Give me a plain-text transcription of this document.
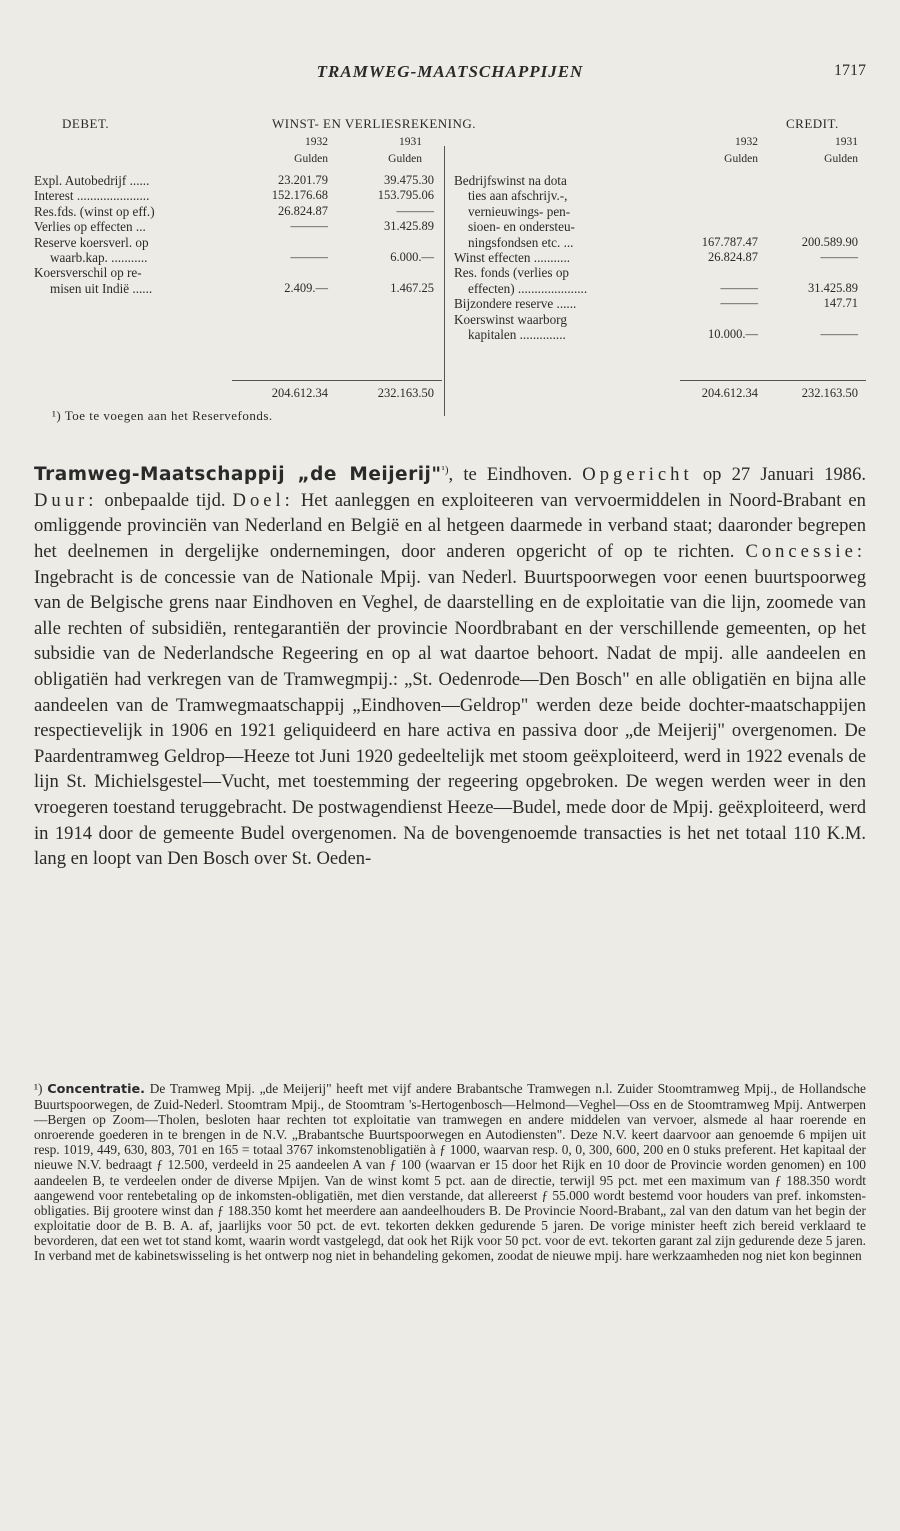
TRAMWEG-MAATSCHAPPIJEN	1717
DEBET.	WINST- EN VERLIESREKENING.	CREDIT.
1932	1931
Gulden	Gulden
1932	1931
Gulden	Gulden
Expl. Autobedrijf ......	23.201.79	39.475.30
Interest ......................	152.176.68	153.795.06
Res.fds. (winst op eff.)	26.824.87	———
Verlies op effecten ...	———	31.425.89
Reserve koersverl. op
waarb.kap. ...........	———	6.000.—
Koersverschil op re-
misen uit Indië ......	2.409.—	1.467.25
Bedrijfswinst na dota
ties aan afschrijv.-,
vernieuwings- pen-
sioen- en ondersteu-
ningsfondsen etc. ...	167.787.47	200.589.90
Winst effecten ...........	26.824.87	———
Res. fonds (verlies op
effecten) .....................	———	31.425.89
Bijzondere reserve ......	———	147.71
Koerswinst waarborg
kapitalen ..............	10.000.—	———
204.612.34	232.163.50	204.612.34	232.163.50
¹) Toe te voegen aan het Reservefonds.

Tramweg-Maatschappij „de Meijerij"$^{^1)}$, te Eindhoven. Opgericht op 27 Januari 1986. Duur: onbepaalde tijd. Doel: Het aanleggen en exploiteeren van vervoermiddelen in Noord-Brabant en omliggende provinciën van Nederland en België en al hetgeen daarmede in verband staat; daaronder begrepen het deelnemen in dergelijke ondernemingen, door anderen opgericht of op te richten. Concessie: Ingebracht is de concessie van de Nationale Mpij. van Nederl. Buurtspoorwegen voor eenen buurtspoorweg van de Belgische grens naar Eindhoven en Veghel, de daarstelling en de exploitatie van die lijn, zoomede van alle rechten of subsidiën, rentegarantiën der provincie Noordbrabant en der verschillende gemeenten, op het subsidie van de Nederlandsche Regeering en op al wat daartoe behoort. Nadat de mpij. alle aandeelen en obligatiën had verkregen van de Tramwegmpij.: „St. Oedenrode—Den Bosch" en alle obligatiën en bijna alle aandeelen van de Tramwegmaatschappij „Eindhoven—Geldrop" werden deze beide dochter-maatschappijen respectievelijk in 1906 en 1921 geliquideerd en hare activa en passiva door „de Meijerij" overgenomen. De Paardentramweg Geldrop—Heeze tot Juni 1920 gedeeltelijk met stoom geëxploiteerd, werd in 1922 evenals de lijn St. Michielsgestel—Vucht, met toestemming der regeering opgebroken. De wegen werden weer in den vroegeren toestand teruggebracht. De postwagendienst Heeze—Budel, mede door de Mpij. geëxploiteerd, werd in 1914 door de gemeente Budel overgenomen. Na de bovengenoemde transacties is het net totaal 110 K.M. lang en loopt van Den Bosch over St. Oeden-

¹) Concentratie. De Tramweg Mpij. „de Meijerij" heeft met vijf andere Brabantsche Tramwegen n.l. Zuider Stoomtramweg Mpij., de Hollandsche Buurtspoorwegen, de Zuid-Nederl. Stoomtram Mpij., de Stoomtram 's-Hertogenbosch—Helmond—Veghel—Oss en de Stoomtramweg Mpij. Antwerpen—Bergen op Zoom—Tholen, besloten haar rechten tot exploitatie van tramwegen en andere middelen van vervoer, alsmede al haar roerende en onroerende goederen in te brengen in de N.V. „Brabantsche Buurtspoorwegen en Autodiensten". Deze N.V. keert daarvoor aan genoemde 6 mpijen uit resp. 1019, 449, 630, 803, 701 en 165 = totaal 3767 inkomstenobligatiën à ƒ 1000, waarvan resp. 0, 0, 300, 600, 200 en 0 stuks preferent. Het kapitaal der nieuwe N.V. bedraagt ƒ 12.500, verdeeld in 25 aandeelen A van ƒ 100 (waarvan er 15 door het Rijk en 10 door de Provincie worden genomen) en 100 aandeelen B, te verdeelen onder de diverse Mpijen. Van de winst komt 5 pct. aan de directie, terwijl 95 pct. met een maximum van ƒ 188.350 wordt aangewend voor rentebetaling op de inkomsten-obligatiën, met dien verstande, dat allereerst ƒ 55.000 wordt bestemd voor houders van pref. inkomsten-obligaties. Bij grootere winst dan ƒ 188.350 komt het meerdere aan aandeelhouders B. De Provincie Noord-Brabant„ zal van den datum van het begin der exploitatie door de B. B. A. af, jaarlijks voor 50 pct. de evt. tekorten dekken gedurende 5 jaren. De vorige minister heeft zich bereid verklaard te bevorderen, dat een wet tot stand komt, waarin wordt vastgelegd, dat ook het Rijk voor 50 pct. voor de evt. tekorten garant zal zijn gedurende deze 5 jaren. In verband met de kabinetswisseling is het ontwerp nog niet in behandeling gekomen, zoodat de nieuwe mpij. hare werkzaamheden nog niet kon beginnen
